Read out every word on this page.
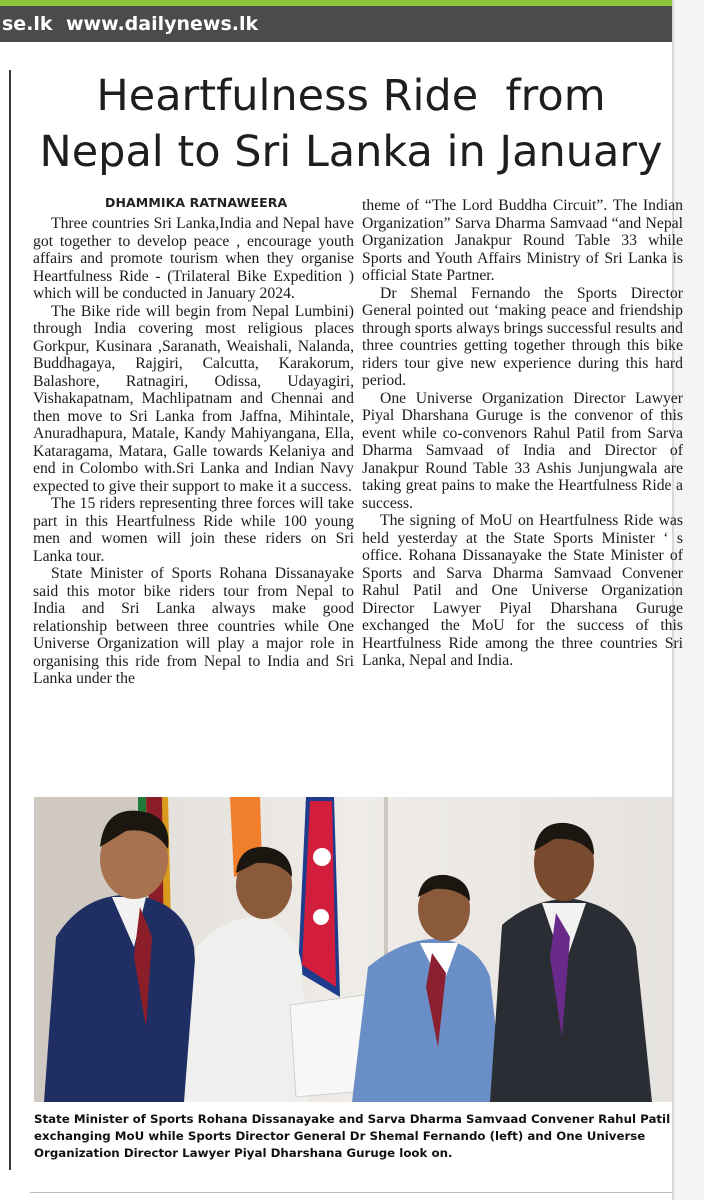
se.lk www.dailynews.lk
Heartfulness Ride  from
Nepal to Sri Lanka in January
DHAMMIKA RATNAWEERA

Three countries Sri Lanka,India and Nepal have got together to develop peace , encourage youth affairs and promote tourism when they organise Heartfulness Ride - (Trilateral Bike Expedition ) which will be conducted in January 2024.

The Bike ride will begin from Nepal Lumbini) through India covering most religious places Gorkpur, Kusinara ,Saranath, Weaishali, Nalanda, Buddhagaya, Rajgiri, Calcutta, Karakorum, Balashore, Ratnagiri, Odissa, Udayagiri, Vishakapatnam, Machlipatnam and Chennai and then move to Sri Lanka from Jaffna, Mihintale, Anuradhapura, Matale, Kandy Mahiyangana, Ella, Kataragama, Matara, Galle towards Kelaniya and end in Colombo with.Sri Lanka and Indian Navy expected to give their support to make it a success.

The 15 riders representing three forces will take part in this Heartfulness Ride while 100 young men and women will join these riders on Sri Lanka tour.

State Minister of Sports Rohana Dissanayake said this motor bike riders tour from Nepal to India and Sri Lanka always make good relationship between three countries while One Universe Organization will play a major role in organising this ride from Nepal to India and Sri Lanka under the

theme of “The Lord Buddha Circuit”. The Indian Organization” Sarva Dharma Samvaad “and Nepal Organization Janakpur Round Table 33 while Sports and Youth Affairs Ministry of Sri Lanka is official State Partner.

Dr Shemal Fernando the Sports Director General pointed out ‘making peace and friendship through sports always brings successful results and three countries getting together through this bike riders tour give new experience during this hard period.

One Universe Organization Director Lawyer Piyal Dharshana Guruge is the convenor of this event while co-convenors Rahul Patil from Sarva Dharma Samvaad of India and Director of Janakpur Round Table 33 Ashis Junjungwala are taking great pains to make the Heartfulness Ride a success.

The signing of MoU on Heartfulness Ride was held yesterday at the State Sports Minister ‘ s office. Rohana Dissanayake the State Minister of Sports and Sarva Dharma Samvaad Convener Rahul Patil and One Universe Organization Director Lawyer Piyal Dharshana Guruge exchanged the MoU for the success of this Heartfulness Ride among the three countries Sri Lanka, Nepal and India.

State Minister of Sports Rohana Dissanayake and Sarva Dharma Samvaad Convener Rahul Patil exchanging MoU while Sports Director General Dr Shemal Fernando (left) and One Universe Organization Director Lawyer Piyal Dharshana Guruge look on.
